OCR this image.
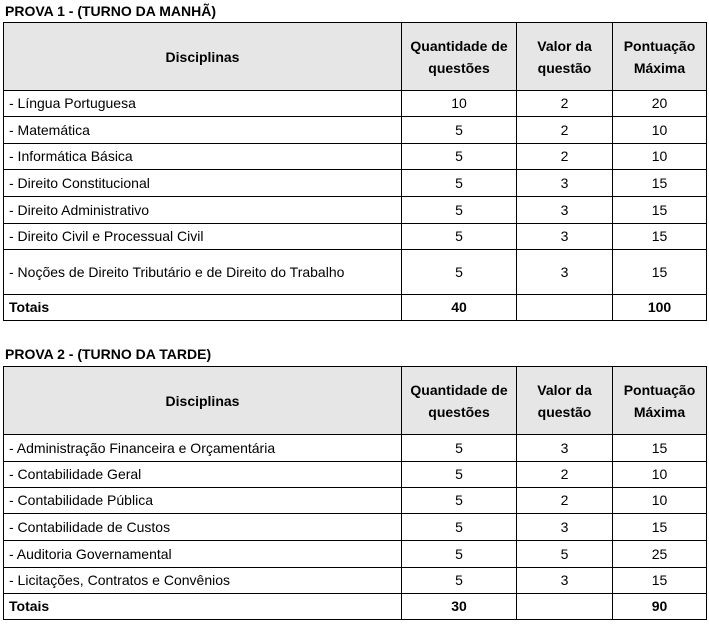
PROVA 1 - (TURNO DA MANHÃ)
Disciplinas	Quantidade de questões	Valor da questão	Pontuação Máxima
- Língua Portuguesa	10	2	20
- Matemática	5	2	10
- Informática Básica	5	2	10
- Direito Constitucional	5	3	15
- Direito Administrativo	5	3	15
- Direito Civil e Processual Civil	5	3	15
- Noções de Direito Tributário e de Direito do Trabalho	5	3	15
Totais	40		100
PROVA 2 - (TURNO DA TARDE)
Disciplinas	Quantidade de questões	Valor da questão	Pontuação Máxima
- Administração Financeira e Orçamentária	5	3	15
- Contabilidade Geral	5	2	10
- Contabilidade Pública	5	2	10
- Contabilidade de Custos	5	3	15
- Auditoria Governamental	5	5	25
- Licitações, Contratos e Convênios	5	3	15
Totais	30		90
